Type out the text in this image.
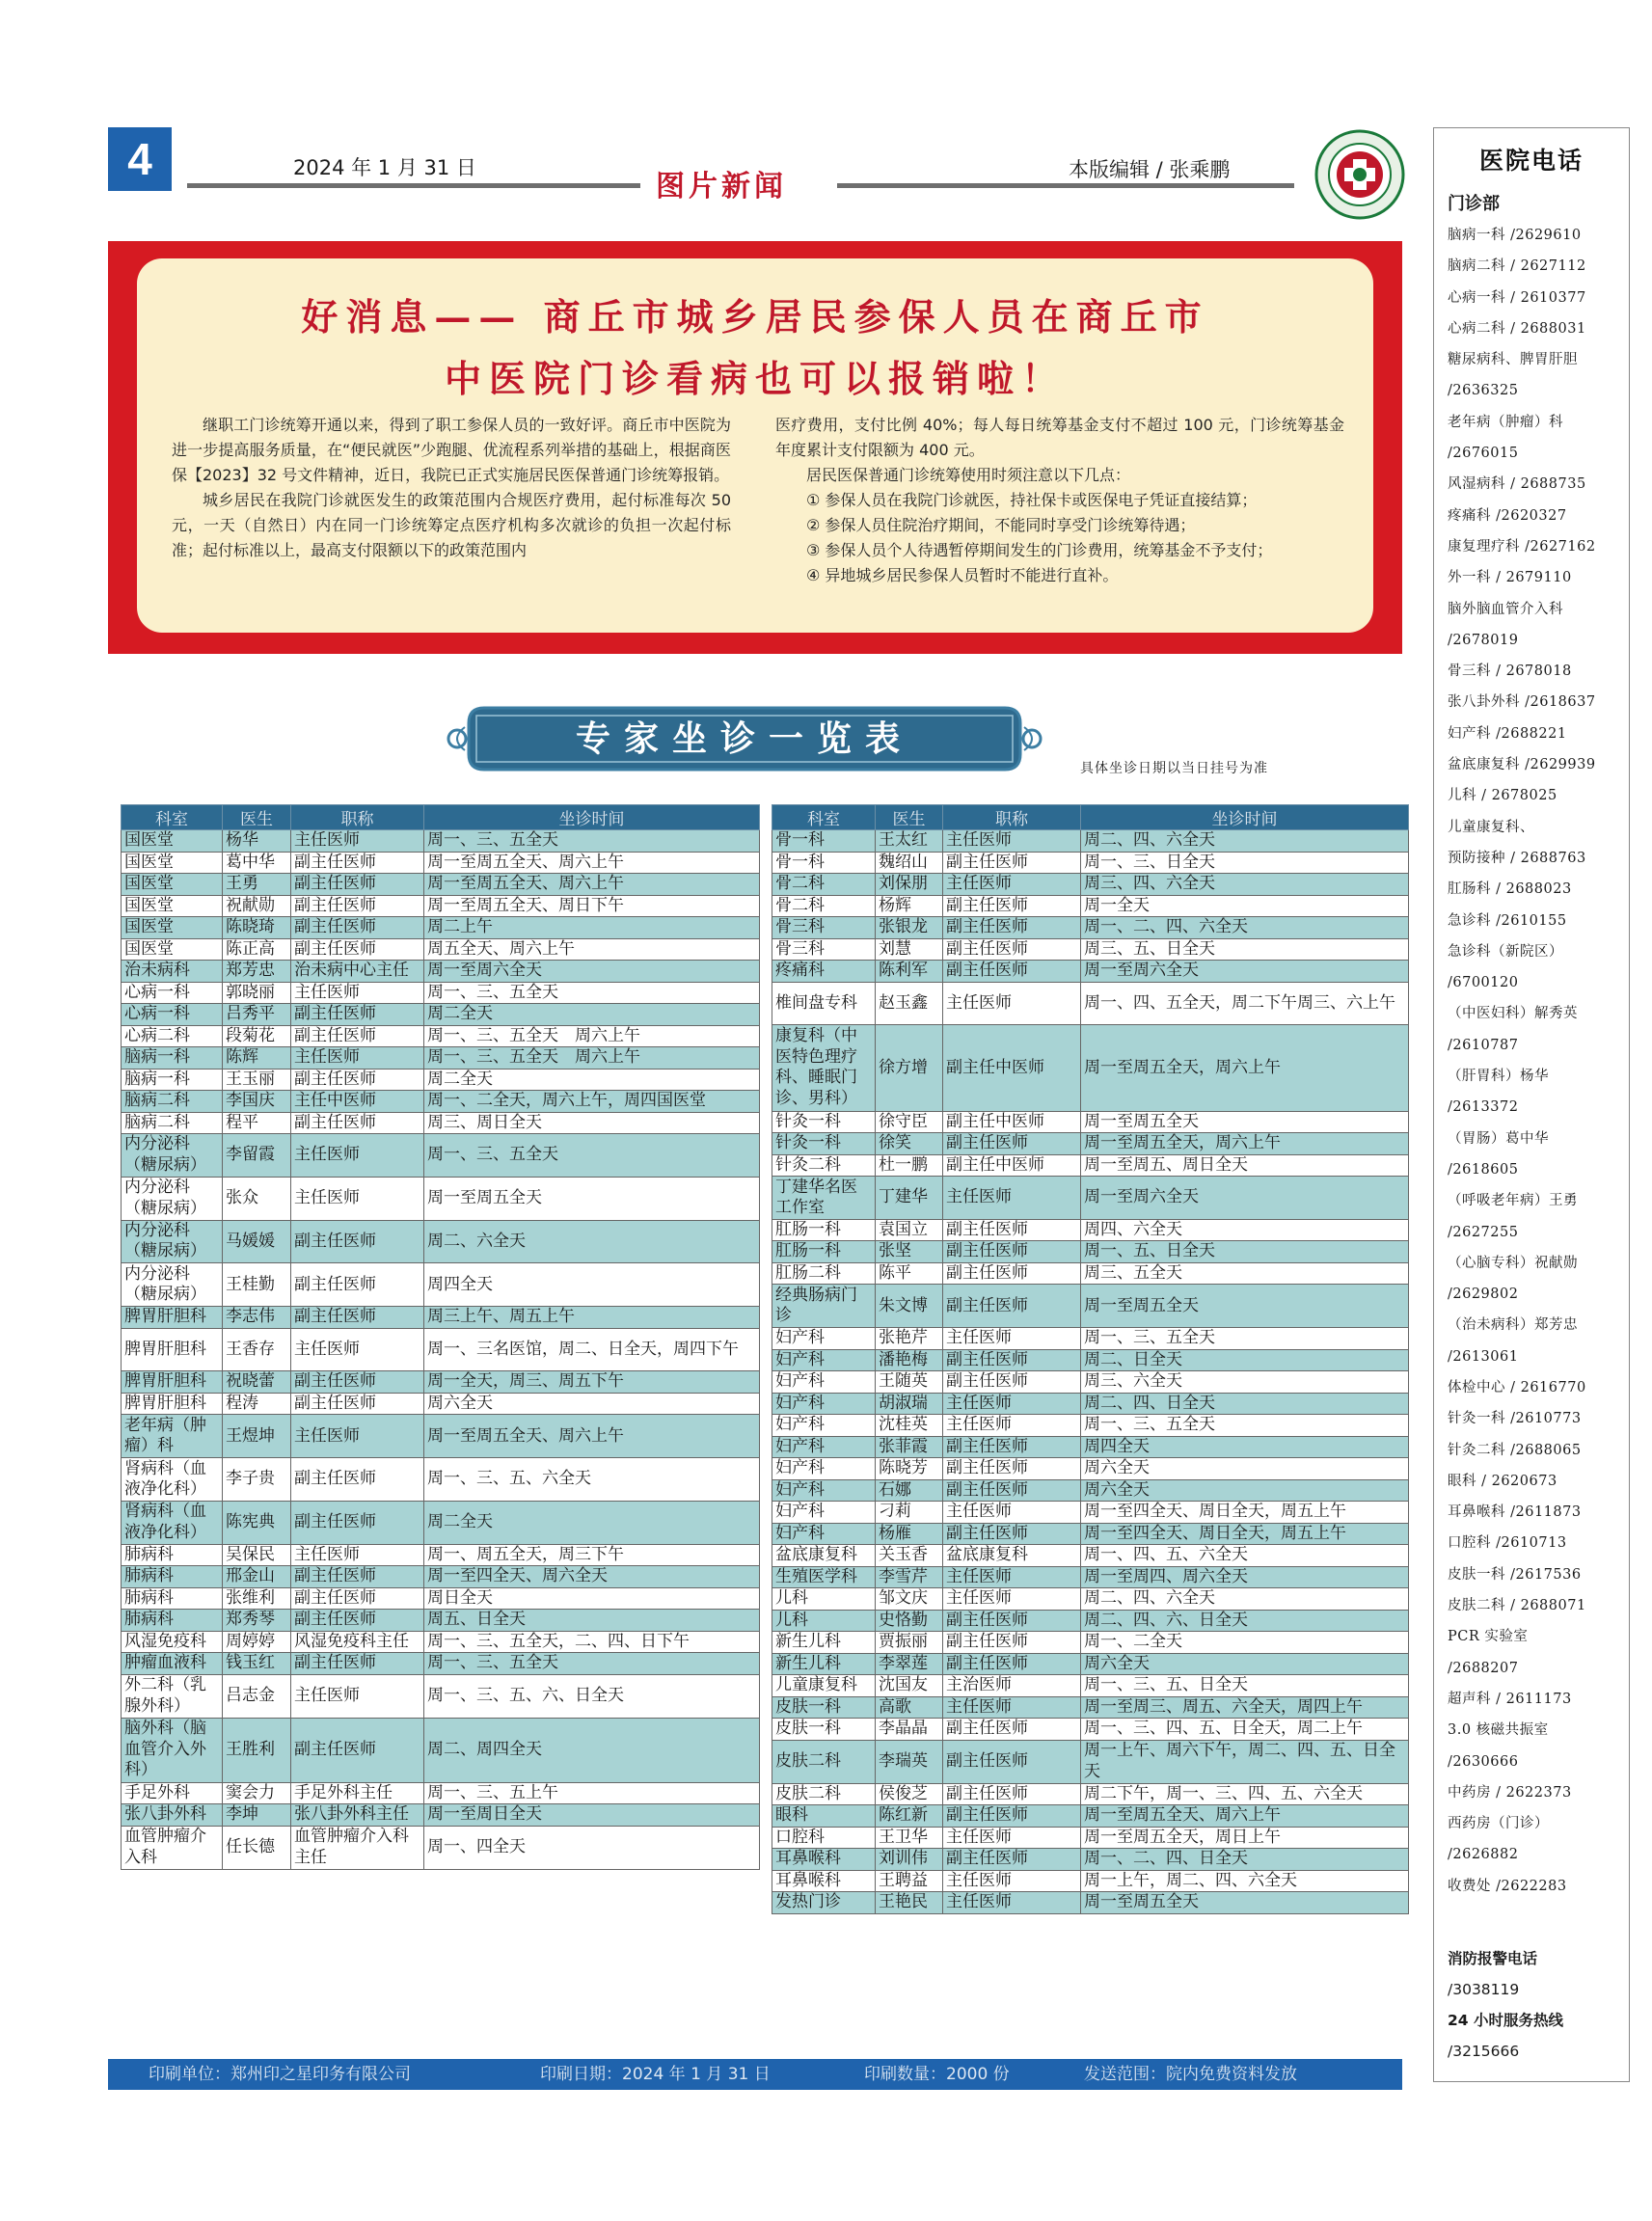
4	2024 年 1 月 31 日
图片新闻	本版编辑 / 张乘鹏
好消息—— 商丘市城乡居民参保人员在商丘市
中医院门诊看病也可以报销啦！

继职工门诊统筹开通以来，得到了职工参保人员的一致好评。商丘市中医院为进一步提高服务质量，在“便民就医”少跑腿、优流程系列举措的基础上，根据商医保【2023】32 号文件精神，近日，我院已正式实施居民医保普通门诊统筹报销。

城乡居民在我院门诊就医发生的政策范围内合规医疗费用，起付标准每次 50 元，一天（自然日）内在同一门诊统筹定点医疗机构多次就诊的负担一次起付标准；起付标准以上，最高支付限额以下的政策范围内

医疗费用，支付比例 40%；每人每日统筹基金支付不超过 100 元，门诊统筹基金年度累计支付限额为 400 元。

居民医保普通门诊统筹使用时须注意以下几点：

① 参保人员在我院门诊就医，持社保卡或医保电子凭证直接结算；

② 参保人员住院治疗期间，不能同时享受门诊统筹待遇；

③ 参保人员个人待遇暂停期间发生的门诊费用，统筹基金不予支付；

④ 异地城乡居民参保人员暂时不能进行直补。

专家坐诊一览表
具体坐诊日期以当日挂号为准
科室	医生	职称	坐诊时间
国医堂	杨华	主任医师	周一、三、五全天
国医堂	葛中华	副主任医师	周一至周五全天、周六上午
国医堂	王勇	副主任医师	周一至周五全天、周六上午
国医堂	祝献勋	副主任医师	周一至周五全天、周日下午
国医堂	陈晓琦	副主任医师	周二上午
国医堂	陈正高	副主任医师	周五全天、周六上午
治未病科	郑芳忠	治未病中心主任	周一至周六全天
心病一科	郭晓丽	主任医师	周一、三、五全天
心病一科	吕秀平	副主任医师	周二全天
心病二科	段菊花	副主任医师	周一、三、五全天　周六上午
脑病一科	陈辉	主任医师	周一、三、五全天　周六上午
脑病一科	王玉丽	副主任医师	周二全天
脑病二科	李国庆	主任中医师	周一、二全天，周六上午，周四国医堂
脑病二科	程平	副主任医师	周三、周日全天
内分泌科（糖尿病）	李留霞	主任医师	周一、三、五全天
内分泌科（糖尿病）	张众	主任医师	周一至周五全天
内分泌科（糖尿病）	马媛媛	副主任医师	周二、六全天
内分泌科（糖尿病）	王桂勤	副主任医师	周四全天
脾胃肝胆科	李志伟	副主任医师	周三上午、周五上午
脾胃肝胆科	王香存	主任医师	周一、三名医馆，周二、日全天，周四下午
脾胃肝胆科	祝晓蕾	副主任医师	周一全天，周三、周五下午
脾胃肝胆科	程涛	副主任医师	周六全天
老年病（肿瘤）科	王煜坤	主任医师	周一至周五全天、周六上午
肾病科（血液净化科）	李子贵	副主任医师	周一、三、五、六全天
肾病科（血液净化科）	陈宪典	副主任医师	周二全天
肺病科	吴保民	主任医师	周一、周五全天，周三下午
肺病科	邢金山	副主任医师	周一至四全天、周六全天
肺病科	张维利	副主任医师	周日全天
肺病科	郑秀琴	副主任医师	周五、日全天
风湿免疫科	周婷婷	风湿免疫科主任	周一、三、五全天，二、四、日下午
肿瘤血液科	钱玉红	副主任医师	周一、三、五全天
外二科（乳腺外科）	吕志金	主任医师	周一、三、五、六、日全天
脑外科（脑血管介入外科）	王胜利	副主任医师	周二、周四全天
手足外科	窦会力	手足外科主任	周一、三、五上午
张八卦外科	李坤	张八卦外科主任	周一至周日全天
血管肿瘤介入科	任长德	血管肿瘤介入科主任	周一、四全天
科室	医生	职称	坐诊时间
骨一科	王太红	主任医师	周二、四、六全天
骨一科	魏绍山	副主任医师	周一、三、日全天
骨二科	刘保朋	主任医师	周三、四、六全天
骨二科	杨辉	副主任医师	周一全天
骨三科	张银龙	副主任医师	周一、二、四、六全天
骨三科	刘慧	副主任医师	周三、五、日全天
疼痛科	陈利军	副主任医师	周一至周六全天
椎间盘专科	赵玉鑫	主任医师	周一、四、五全天，周二下午周三、六上午
康复科（中医特色理疗科、睡眠门诊、男科）	徐方增	副主任中医师	周一至周五全天，周六上午
针灸一科	徐守臣	副主任中医师	周一至周五全天
针灸一科	徐笑	副主任医师	周一至周五全天，周六上午
针灸二科	杜一鹏	副主任中医师	周一至周五、周日全天
丁建华名医工作室	丁建华	主任医师	周一至周六全天
肛肠一科	袁国立	副主任医师	周四、六全天
肛肠一科	张坚	副主任医师	周一、五、日全天
肛肠二科	陈平	副主任医师	周三、五全天
经典肠病门诊	朱文博	副主任医师	周一至周五全天
妇产科	张艳芹	主任医师	周一、三、五全天
妇产科	潘艳梅	副主任医师	周二、日全天
妇产科	王随英	副主任医师	周三、六全天
妇产科	胡淑瑞	主任医师	周二、四、日全天
妇产科	沈桂英	主任医师	周一、三、五全天
妇产科	张菲霞	副主任医师	周四全天
妇产科	陈晓芳	副主任医师	周六全天
妇产科	石娜	副主任医师	周六全天
妇产科	刁莉	主任医师	周一至四全天、周日全天，周五上午
妇产科	杨雁	副主任医师	周一至四全天、周日全天，周五上午
盆底康复科	关玉香	盆底康复科	周一、四、五、六全天
生殖医学科	李雪芹	主任医师	周一至周四、周六全天
儿科	邹文庆	主任医师	周二、四、六全天
儿科	史恪勤	副主任医师	周二、四、六、日全天
新生儿科	贾振丽	副主任医师	周一、二全天
新生儿科	李翠莲	副主任医师	周六全天
儿童康复科	沈国友	主治医师	周一、三、五、日全天
皮肤一科	高歌	主任医师	周一至周三、周五、六全天，周四上午
皮肤一科	李晶晶	副主任医师	周一、三、四、五、日全天，周二上午
皮肤二科	李瑞英	副主任医师	周一上午、周六下午，周二、四、五、日全天
皮肤二科	侯俊芝	副主任医师	周二下午，周一、三、四、五、六全天
眼科	陈红新	副主任医师	周一至周五全天、周六上午
口腔科	王卫华	主任医师	周一至周五全天，周日上午
耳鼻喉科	刘训伟	副主任医师	周一、二、四、日全天
耳鼻喉科	王聘益	主任医师	周一上午，周二、四、六全天
发热门诊	王艳民	主任医师	周一至周五全天
医院电话
门诊部
脑病一科 /2629610
脑病二科 / 2627112
心病一科 / 2610377
心病二科 / 2688031
糖尿病科、脾胃肝胆
/2636325
老年病（肿瘤）科
/2676015
风湿病科 / 2688735
疼痛科 /2620327
康复理疗科 /2627162
外一科 / 2679110
脑外脑血管介入科
/2678019
骨三科 / 2678018
张八卦外科 /2618637
妇产科 /2688221
盆底康复科 /2629939
儿科 / 2678025
儿童康复科、
预防接种 / 2688763
肛肠科 / 2688023
急诊科 /2610155
急诊科（新院区）
/6700120
（中医妇科）解秀英
/2610787
（肝胃科）杨华
/2613372
（胃肠）葛中华
/2618605
（呼吸老年病）王勇
/2627255
（心脑专科）祝献勋
/2629802
（治未病科）郑芳忠
/2613061
体检中心 / 2616770
针灸一科 /2610773
针灸二科 /2688065
眼科 / 2620673
耳鼻喉科 /2611873
口腔科 /2610713
皮肤一科 /2617536
皮肤二科 / 2688071
PCR 实验室
/2688207
超声科 / 2611173
3.0 核磁共振室
/2630666
中药房 / 2622373
西药房（门诊）
/2626882
收费处 /2622283
消防报警电话
/3038119
24 小时服务热线
/3215666
印刷单位：郑州印之星印务有限公司	印刷日期：2024 年 1 月 31 日	印刷数量：2000 份	发送范围：院内免费资料发放
